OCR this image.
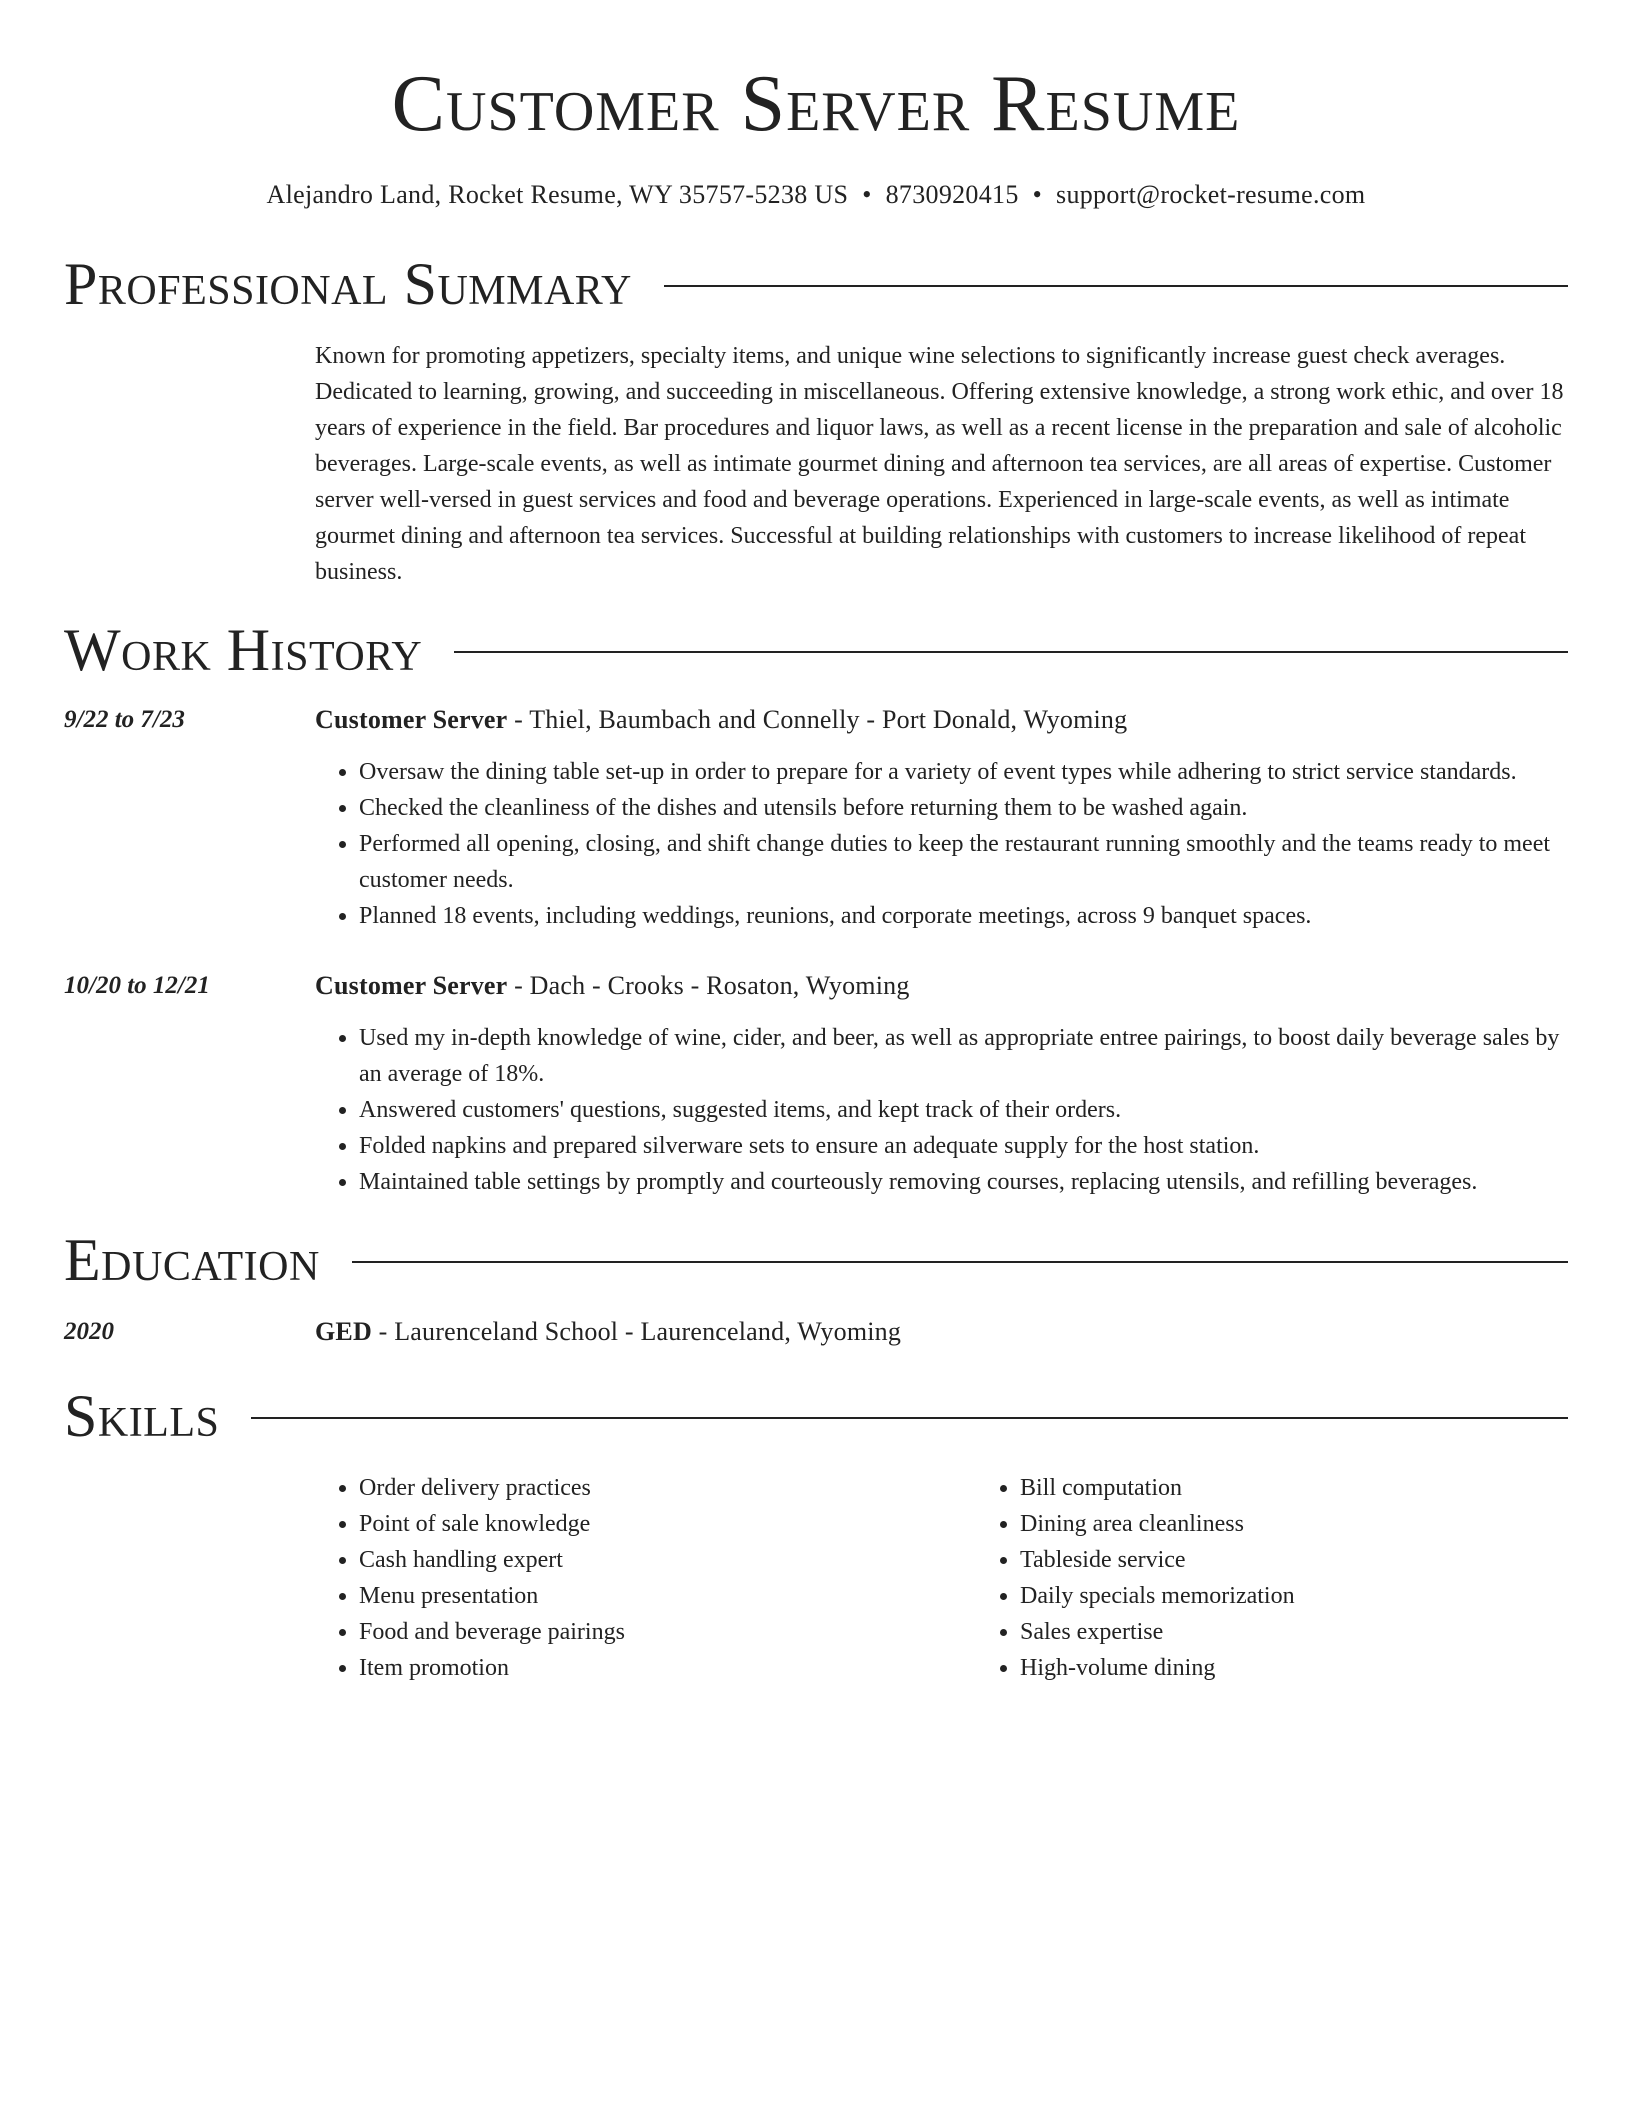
Customer Server Resume
Alejandro Land, Rocket Resume, WY 35757-5238 US • 8730920415 • support@rocket-resume.com
Professional Summary
Known for promoting appetizers, specialty items, and unique wine selections to significantly increase guest check averages. Dedicated to learning, growing, and succeeding in miscellaneous. Offering extensive knowledge, a strong work ethic, and over 18 years of experience in the field. Bar procedures and liquor laws, as well as a recent license in the preparation and sale of alcoholic beverages. Large-scale events, as well as intimate gourmet dining and afternoon tea services, are all areas of expertise. Customer server well-versed in guest services and food and beverage operations. Experienced in large-scale events, as well as intimate gourmet dining and afternoon tea services. Successful at building relationships with customers to increase likelihood of repeat business.
Work History
9/22 to 7/23	Customer Server - Thiel, Baumbach and Connelly - Port Donald, Wyoming
• Oversaw the dining table set-up in order to prepare for a variety of event types while adhering to strict service standards.
• Checked the cleanliness of the dishes and utensils before returning them to be washed again.
• Performed all opening, closing, and shift change duties to keep the restaurant running smoothly and the teams ready to meet customer needs.
• Planned 18 events, including weddings, reunions, and corporate meetings, across 9 banquet spaces.
10/20 to 12/21	Customer Server - Dach - Crooks - Rosaton, Wyoming
• Used my in-depth knowledge of wine, cider, and beer, as well as appropriate entree pairings, to boost daily beverage sales by an average of 18%.
• Answered customers' questions, suggested items, and kept track of their orders.
• Folded napkins and prepared silverware sets to ensure an adequate supply for the host station.
• Maintained table settings by promptly and courteously removing courses, replacing utensils, and refilling beverages.
Education
2020	GED - Laurenceland School - Laurenceland, Wyoming
Skills
• Order delivery practices
• Point of sale knowledge
• Cash handling expert
• Menu presentation
• Food and beverage pairings
• Item promotion
• Bill computation
• Dining area cleanliness
• Tableside service
• Daily specials memorization
• Sales expertise
• High-volume dining
